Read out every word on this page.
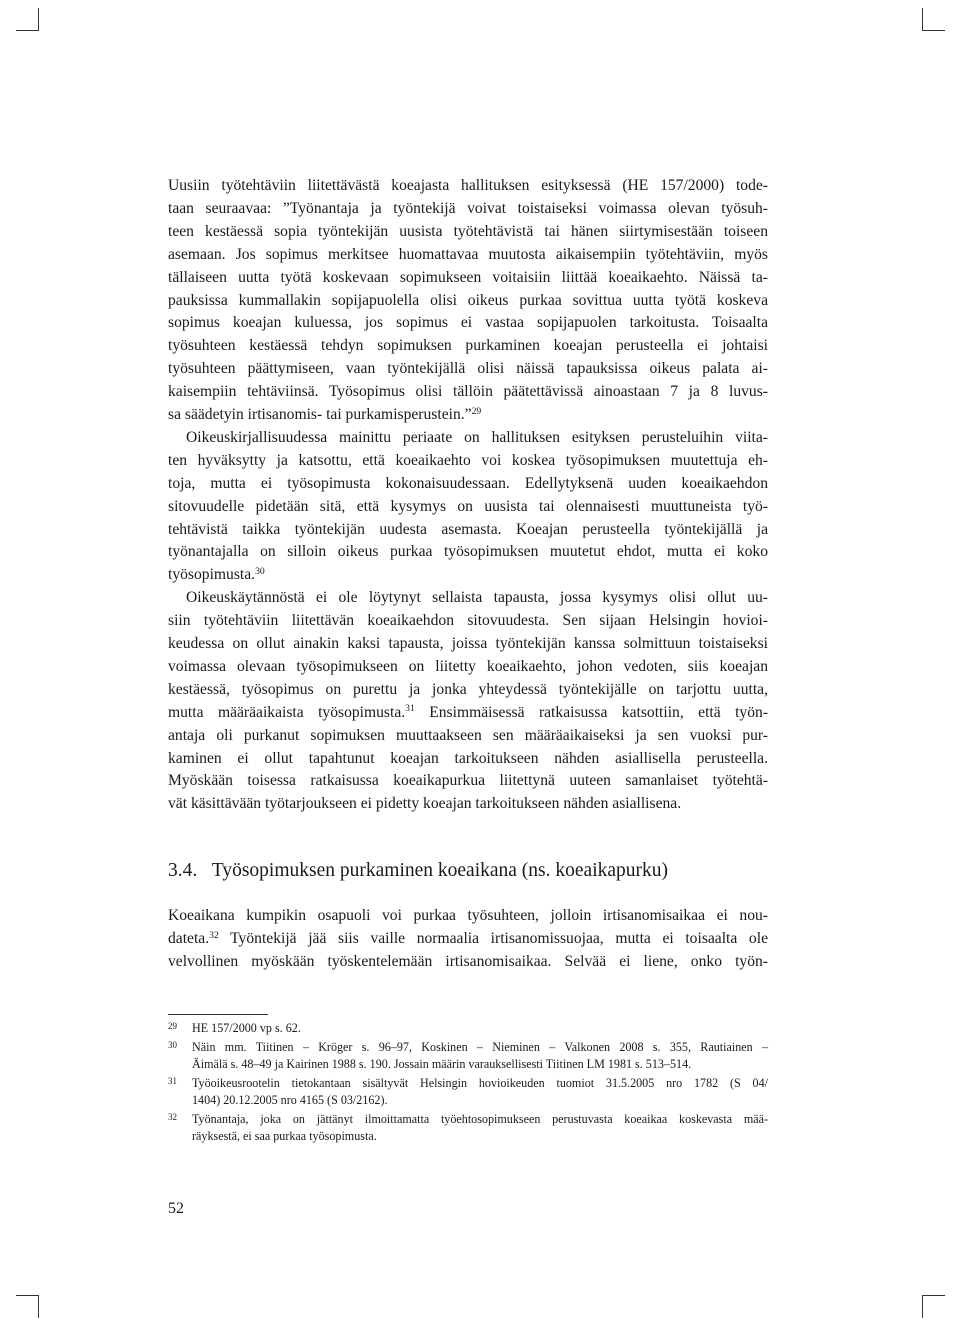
Uusiin työtehtäviin liitettävästä koeajasta hallituksen esityksessä (HE 157/2000) tode-
taan seuraavaa: ”Työnantaja ja työntekijä voivat toistaiseksi voimassa olevan työsuh-
teen kestäessä sopia työntekijän uusista työtehtävistä tai hänen siirtymisestään toiseen
asemaan. Jos sopimus merkitsee huomattavaa muutosta aikaisempiin työtehtäviin, myös
tällaiseen uutta työtä koskevaan sopimukseen voitaisiin liittää koeaikaehto. Näissä ta-
pauksissa kummallakin sopijapuolella olisi oikeus purkaa sovittua uutta työtä koskeva
sopimus koeajan kuluessa, jos sopimus ei vastaa sopijapuolen tarkoitusta. Toisaalta
työsuhteen kestäessä tehdyn sopimuksen purkaminen koeajan perusteella ei johtaisi
työsuhteen päättymiseen, vaan työntekijällä olisi näissä tapauksissa oikeus palata ai-
kaisempiin tehtäviinsä. Työsopimus olisi tällöin päätettävissä ainoastaan 7 ja 8 luvus-
sa säädetyin irtisanomis- tai purkamisperustein.”$^{29}$
Oikeuskirjallisuudessa mainittu periaate on hallituksen esityksen perusteluihin viita-
ten hyväksytty ja katsottu, että koeaikaehto voi koskea työsopimuksen muutettuja eh-
toja, mutta ei työsopimusta kokonaisuudessaan. Edellytyksenä uuden koeaikaehdon
sitovuudelle pidetään sitä, että kysymys on uusista tai olennaisesti muuttuneista työ-
tehtävistä taikka työntekijän uudesta asemasta. Koeajan perusteella työntekijällä ja
työnantajalla on silloin oikeus purkaa työsopimuksen muutetut ehdot, mutta ei koko
työsopimusta.$^{30}$
Oikeuskäytännöstä ei ole löytynyt sellaista tapausta, jossa kysymys olisi ollut uu-
siin työtehtäviin liitettävän koeaikaehdon sitovuudesta. Sen sijaan Helsingin hovioi-
keudessa on ollut ainakin kaksi tapausta, joissa työntekijän kanssa solmittuun toistaiseksi
voimassa olevaan työsopimukseen on liitetty koeaikaehto, johon vedoten, siis koeajan
kestäessä, työsopimus on purettu ja jonka yhteydessä työntekijälle on tarjottu uutta,
mutta määräaikaista työsopimusta.$^{31}$ Ensimmäisessä ratkaisussa katsottiin, että työn-
antaja oli purkanut sopimuksen muuttaakseen sen määräaikaiseksi ja sen vuoksi pur-
kaminen ei ollut tapahtunut koeajan tarkoitukseen nähden asiallisella perusteella.
Myöskään toisessa ratkaisussa koeaikapurkua liitettynä uuteen samanlaiset työtehtä-
vät käsittävään työtarjoukseen ei pidetty koeajan tarkoitukseen nähden asiallisena.
3.4. Työsopimuksen purkaminen koeaikana (ns. koeaikapurku)
Koeaikana kumpikin osapuoli voi purkaa työsuhteen, jolloin irtisanomisaikaa ei nou-
dateta.$^{32}$ Työntekijä jää siis vaille normaalia irtisanomissuojaa, mutta ei toisaalta ole
velvollinen myöskään työskentelemään irtisanomisaikaa. Selvää ei liene, onko työn-
29 HE 157/2000 vp s. 62.
30 Näin mm. Tiitinen – Kröger s. 96–97, Koskinen – Nieminen – Valkonen 2008 s. 355, Rautiainen –
Äimälä s. 48–49 ja Kairinen 1988 s. 190. Jossain määrin varauksellisesti Tiitinen LM 1981 s. 513–514.
31 Työoikeusrootelin tietokantaan sisältyvät Helsingin hovioikeuden tuomiot 31.5.2005 nro 1782 (S 04/
1404) 20.12.2005 nro 4165 (S 03/2162).
32 Työnantaja, joka on jättänyt ilmoittamatta työehtosopimukseen perustuvasta koeaikaa koskevasta mää-
räyksestä, ei saa purkaa työsopimusta.
52
